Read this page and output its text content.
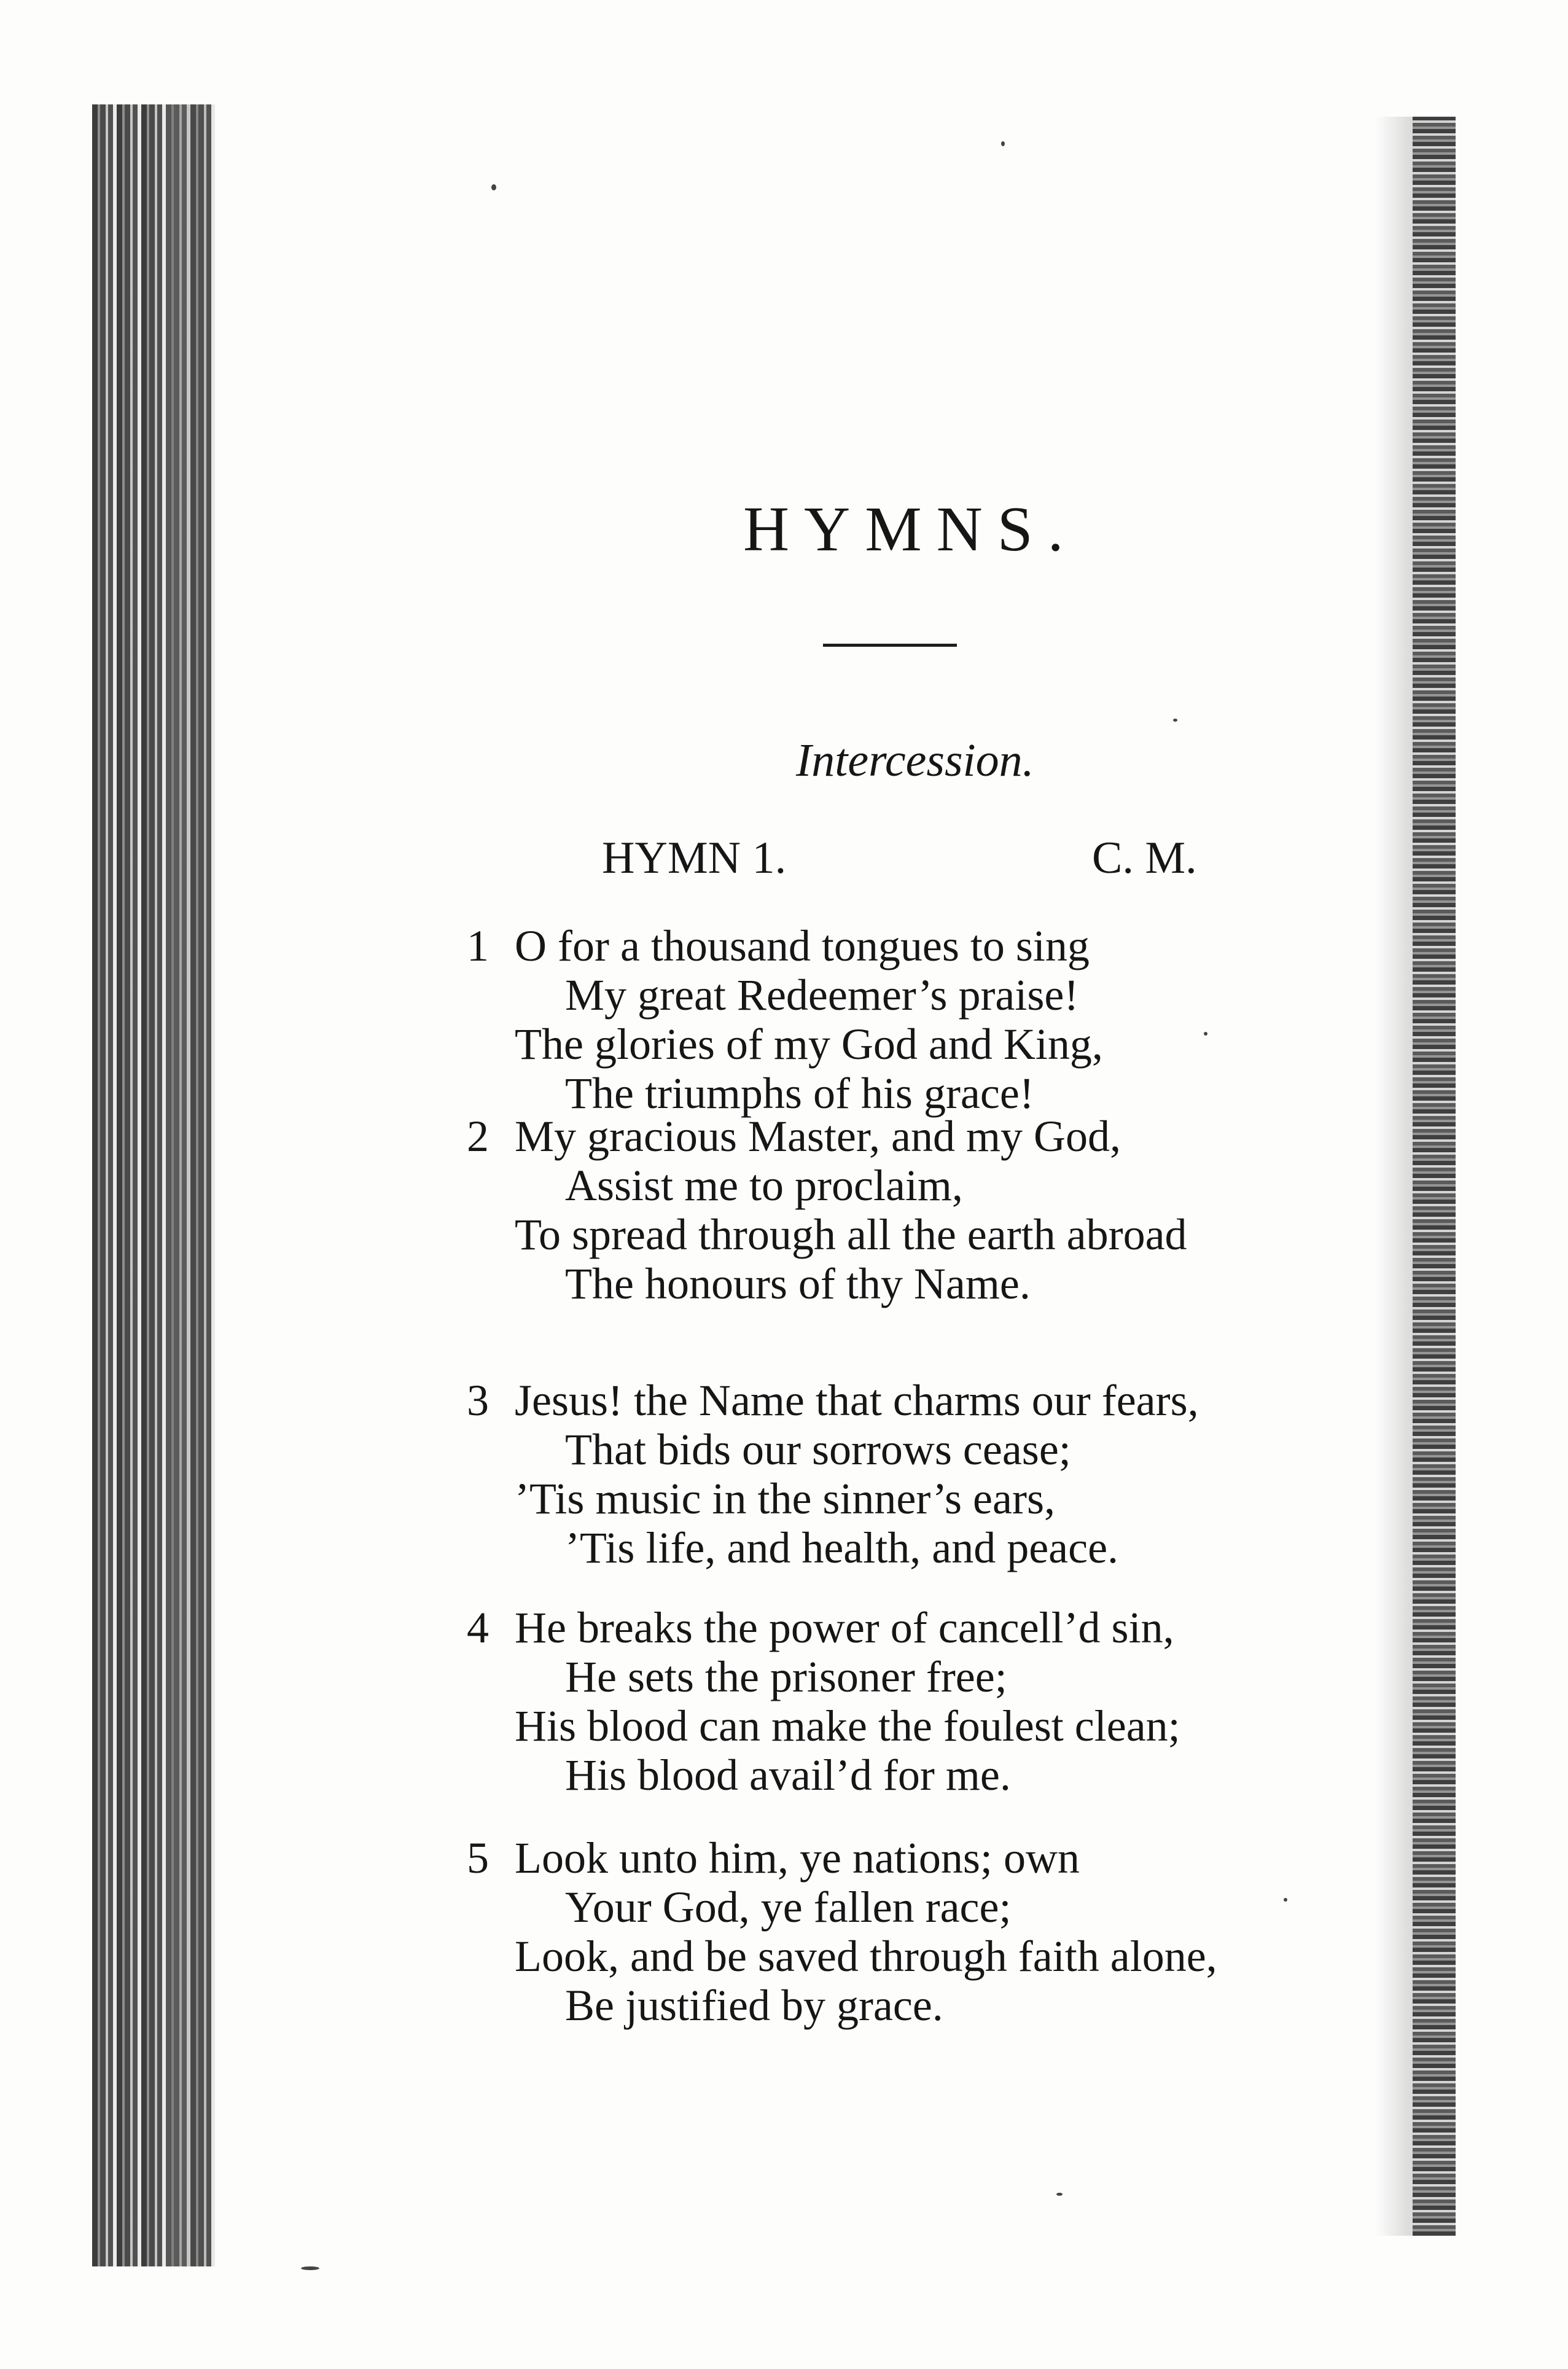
HYMNS.
Intercession.
HYMN 1.	C. M.
1 O for a thousand tongues to sing
My great Redeemer’s praise!
The glories of my God and King,
The triumphs of his grace!
2 My gracious Master, and my God,
Assist me to proclaim,
To spread through all the earth abroad
The honours of thy Name.
3 Jesus! the Name that charms our fears,
That bids our sorrows cease;
’Tis music in the sinner’s ears,
’Tis life, and health, and peace.
4 He breaks the power of cancell’d sin,
He sets the prisoner free;
His blood can make the foulest clean;
His blood avail’d for me.
5 Look unto him, ye nations; own
Your God, ye fallen race;
Look, and be saved through faith alone,
Be justified by grace.
